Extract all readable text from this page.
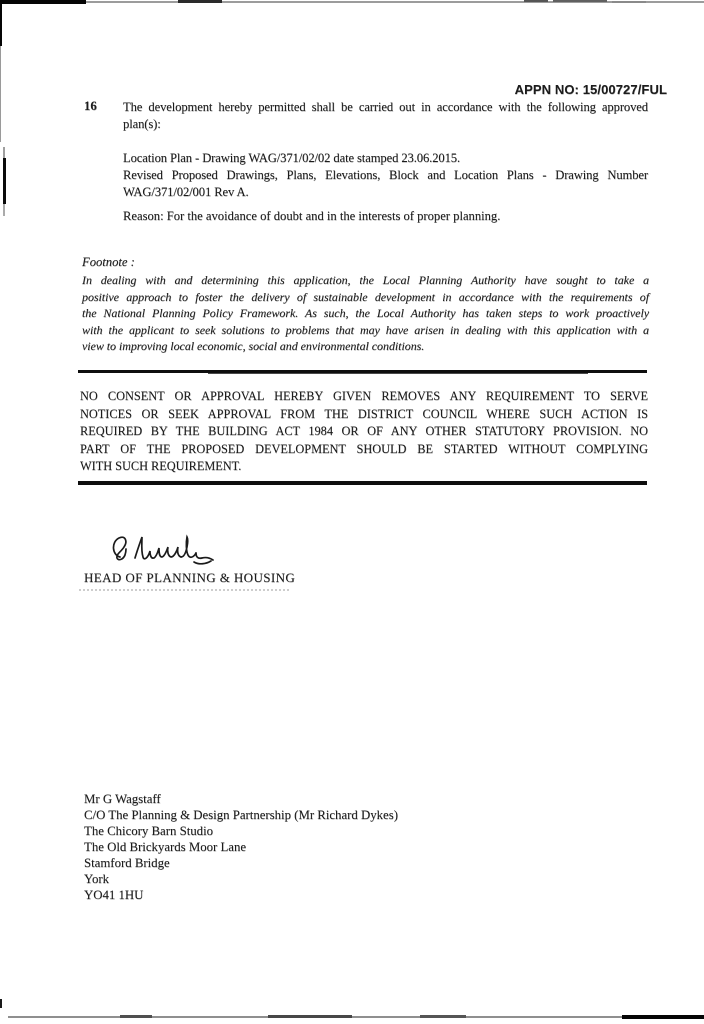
APPN NO: 15/00727/FUL
16 The development hereby permitted shall be carried out in accordance with the following approved
plan(s):
Location Plan - Drawing WAG/371/02/02 date stamped 23.06.2015.
Revised Proposed Drawings, Plans, Elevations, Block and Location Plans - Drawing Number
WAG/371/02/001 Rev A.
Reason: For the avoidance of doubt and in the interests of proper planning.
Footnote :
In dealing with and determining this application, the Local Planning Authority have sought to take a
positive approach to foster the delivery of sustainable development in accordance with the requirements of
the National Planning Policy Framework. As such, the Local Authority has taken steps to work proactively
with the applicant to seek solutions to problems that may have arisen in dealing with this application with a
view to improving local economic, social and environmental conditions.
NO CONSENT OR APPROVAL HEREBY GIVEN REMOVES ANY REQUIREMENT TO SERVE
NOTICES OR SEEK APPROVAL FROM THE DISTRICT COUNCIL WHERE SUCH ACTION IS
REQUIRED BY THE BUILDING ACT 1984 OR OF ANY OTHER STATUTORY PROVISION. NO
PART OF THE PROPOSED DEVELOPMENT SHOULD BE STARTED WITHOUT COMPLYING
WITH SUCH REQUIREMENT.
HEAD OF PLANNING & HOUSING
Mr G Wagstaff
C/O The Planning & Design Partnership (Mr Richard Dykes)
The Chicory Barn Studio
The Old Brickyards Moor Lane
Stamford Bridge
York
YO41 1HU
